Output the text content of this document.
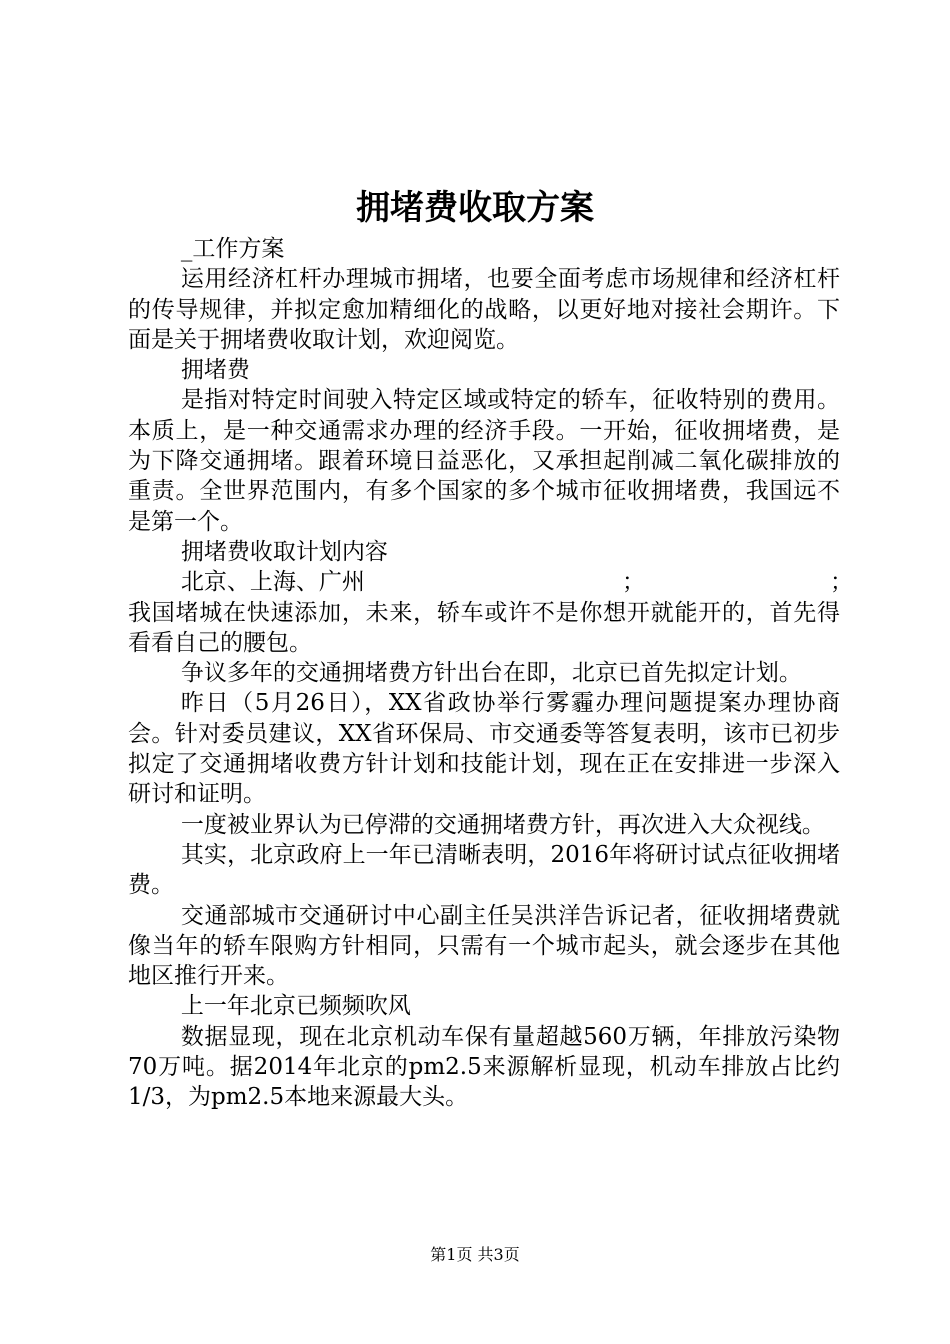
拥堵费收取方案

_工作方案

运用经济杠杆办理城市拥堵，也要全面考虑市场规律和经济杠杆的传导规律，并拟定愈加精细化的战略，以更好地对接社会期许。下面是关于拥堵费收取计划，欢迎阅览。

拥堵费

是指对特定时间驶入特定区域或特定的轿车，征收特别的费用。本质上，是一种交通需求办理的经济手段。一开始，征收拥堵费，是为下降交通拥堵。跟着环境日益恶化，又承担起削减二氧化碳排放的重责。全世界范围内，有多个国家的多个城市征收拥堵费，我国远不是第一个。

拥堵费收取计划内容

北京、上海、广州	；	；

我国堵城在快速添加，未来，轿车或许不是你想开就能开的，首先得看看自己的腰包。

争议多年的交通拥堵费方针出台在即，北京已首先拟定计划。

昨日（5月26日），XX省政协举行雾霾办理问题提案办理协商会。针对委员建议，XX省环保局、市交通委等答复表明，该市已初步拟定了交通拥堵收费方针计划和技能计划，现在正在安排进一步深入研讨和证明。

一度被业界认为已停滞的交通拥堵费方针，再次进入大众视线。

其实，北京政府上一年已清晰表明，2016年将研讨试点征收拥堵费。

交通部城市交通研讨中心副主任吴洪洋告诉记者，征收拥堵费就像当年的轿车限购方针相同，只需有一个城市起头，就会逐步在其他地区推行开来。

上一年北京已频频吹风

数据显现，现在北京机动车保有量超越560万辆，年排放污染物70万吨。据2014年北京的pm2.5来源解析显现，机动车排放占比约1/3，为pm2.5本地来源最大头。

第1页 共3页
